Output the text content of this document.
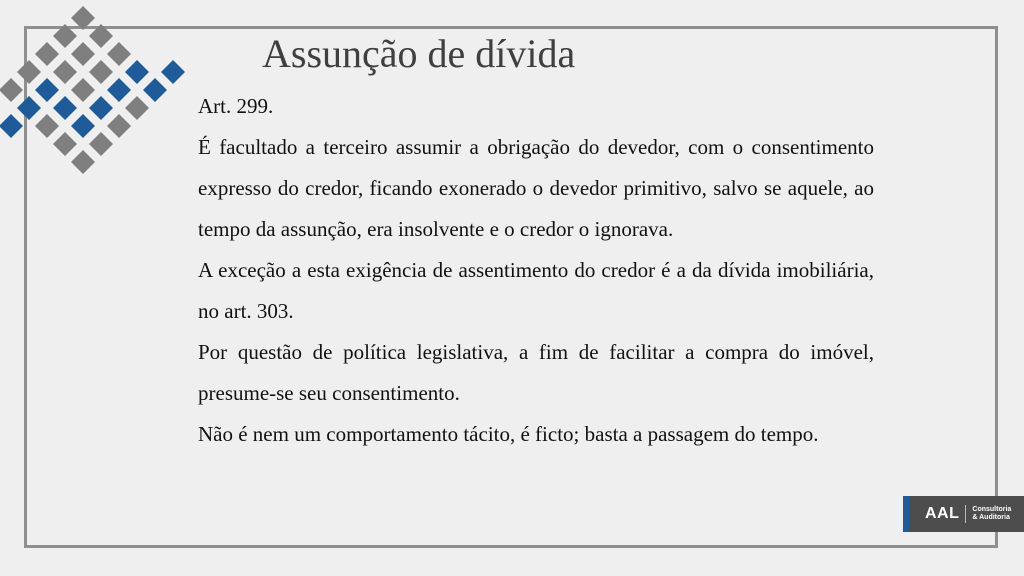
Assunção de dívida

Art. 299.

É facultado a terceiro assumir a obrigação do devedor, com o consentimento expresso do credor, ficando exonerado o devedor primitivo, salvo se aquele, ao tempo da assunção, era insolvente e o credor o ignorava.

A exceção a esta exigência de assentimento do credor é a da dívida imobiliária, no art. 303.

Por questão de política legislativa, a fim de facilitar a compra do imóvel, presume-se seu consentimento.

Não é nem um comportamento tácito, é ficto; basta a passagem do tempo.

AAL Consultoria
& Auditoria
